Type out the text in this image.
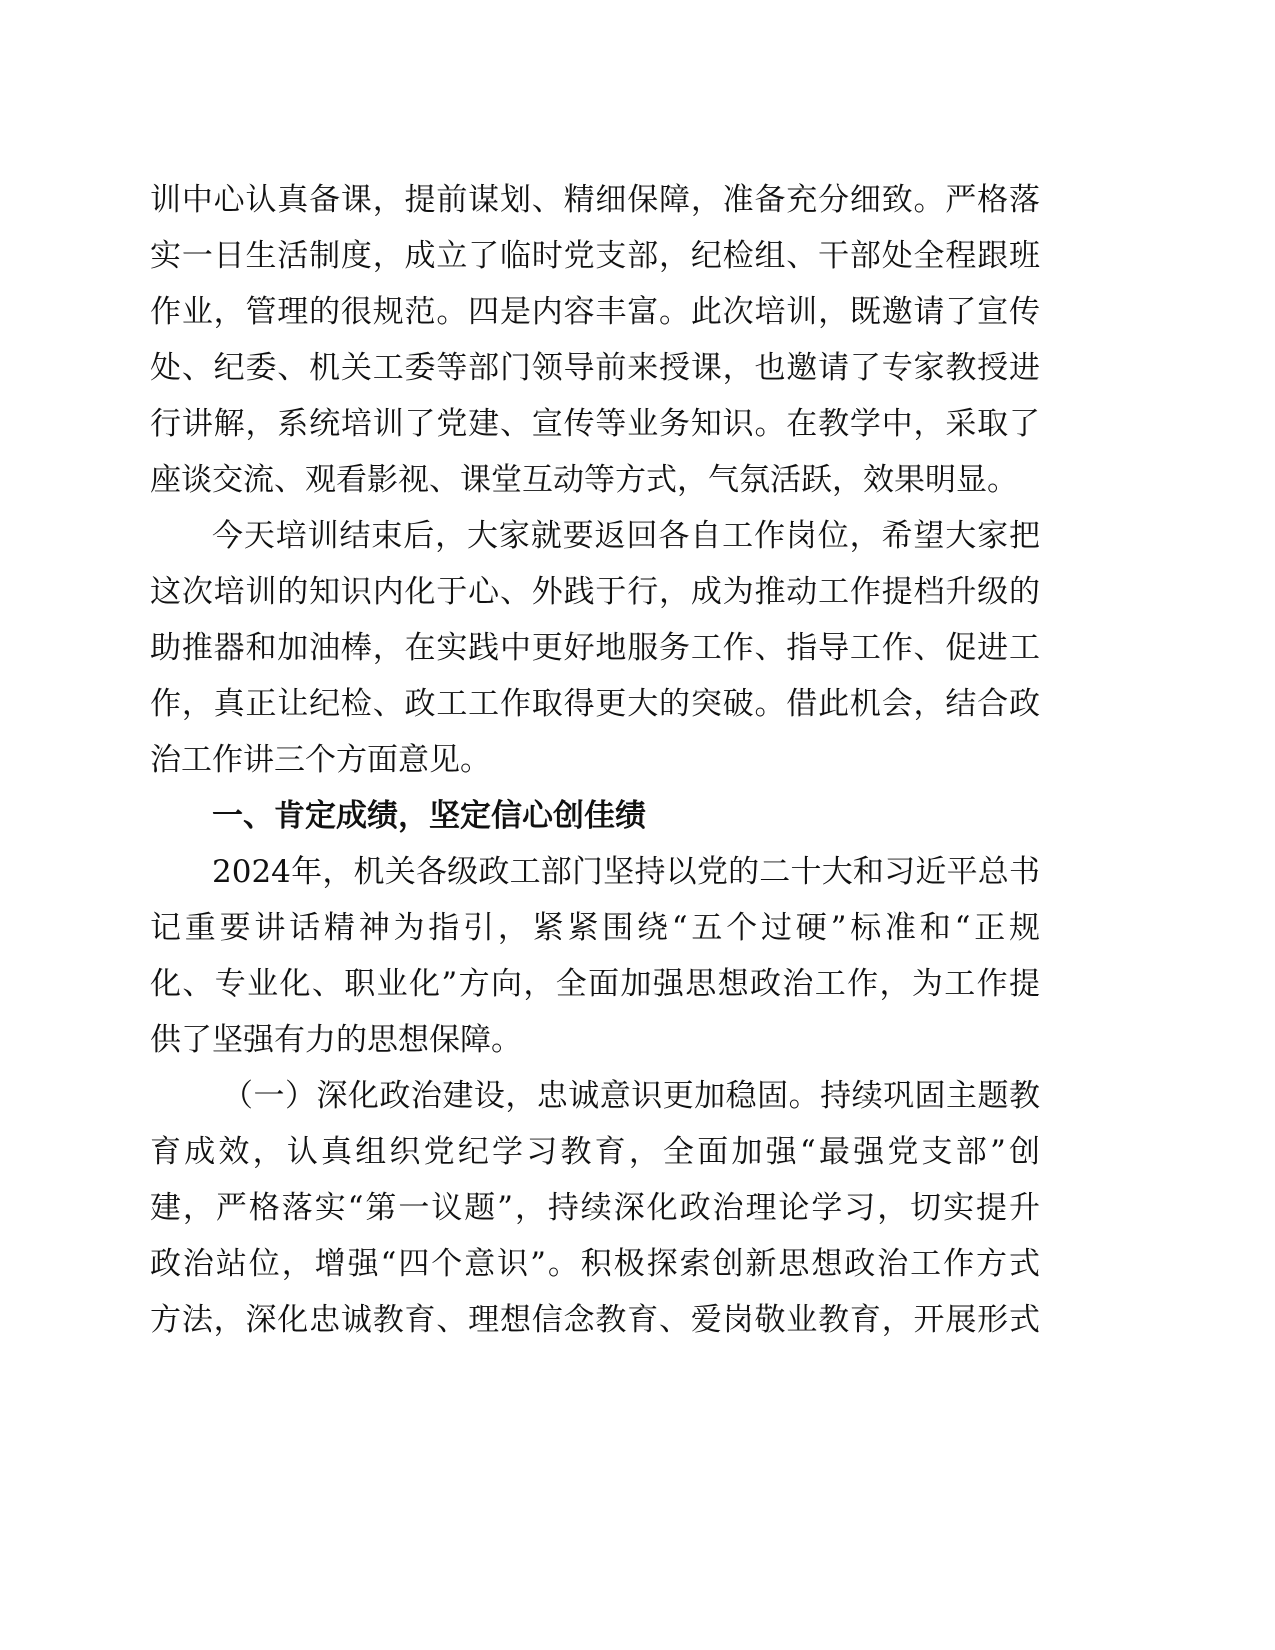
训中心认真备课，提前谋划、精细保障，准备充分细致。严格落
实一日生活制度，成立了临时党支部，纪检组、干部处全程跟班
作业，管理的很规范。四是内容丰富。此次培训，既邀请了宣传
处、纪委、机关工委等部门领导前来授课，也邀请了专家教授进
行讲解，系统培训了党建、宣传等业务知识。在教学中，采取了
座谈交流、观看影视、课堂互动等方式，气氛活跃，效果明显。
今天培训结束后，大家就要返回各自工作岗位，希望大家把
这次培训的知识内化于心、外践于行，成为推动工作提档升级的
助推器和加油棒，在实践中更好地服务工作、指导工作、促进工
作，真正让纪检、政工工作取得更大的突破。借此机会，结合政
治工作讲三个方面意见。
一、肯定成绩，坚定信心创佳绩
2024年，机关各级政工部门坚持以党的二十大和习近平总书
记重要讲话精神为指引，紧紧围绕“五个过硬”标准和“正规
化、专业化、职业化”方向，全面加强思想政治工作，为工作提
供了坚强有力的思想保障。
（一）深化政治建设，忠诚意识更加稳固。持续巩固主题教
育成效，认真组织党纪学习教育，全面加强“最强党支部”创
建，严格落实“第一议题”，持续深化政治理论学习，切实提升
政治站位，增强“四个意识”。积极探索创新思想政治工作方式
方法，深化忠诚教育、理想信念教育、爱岗敬业教育，开展形式
